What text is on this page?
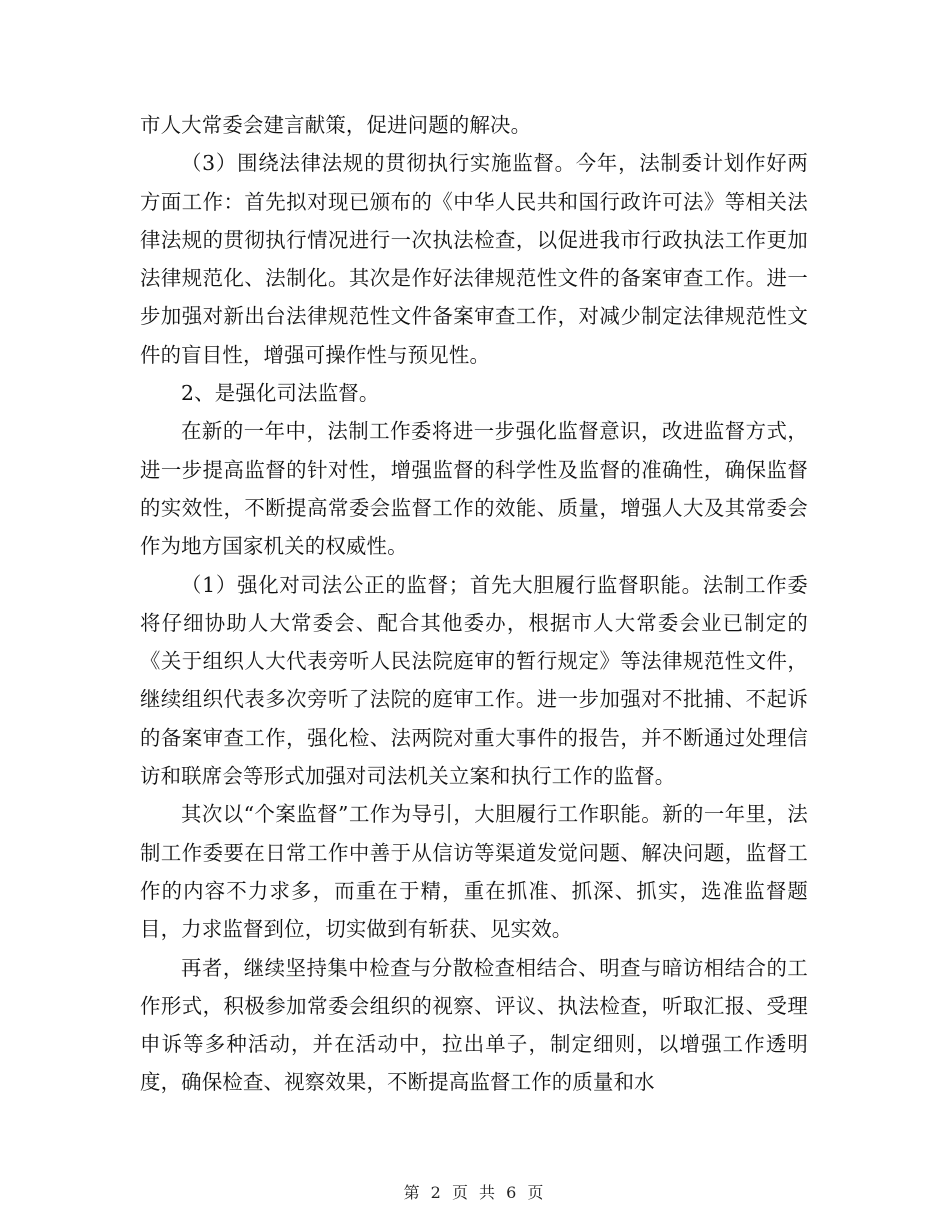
市人大常委会建言献策，促进问题的解决。

（3）围绕法律法规的贯彻执行实施监督。今年，法制委计划作好两方面工作：首先拟对现已颁布的《中华人民共和国行政许可法》等相关法律法规的贯彻执行情况进行一次执法检查，以促进我市行政执法工作更加法律规范化、法制化。其次是作好法律规范性文件的备案审查工作。进一步加强对新出台法律规范性文件备案审查工作，对减少制定法律规范性文件的盲目性，增强可操作性与预见性。

2、是强化司法监督。

在新的一年中，法制工作委将进一步强化监督意识，改进监督方式，进一步提高监督的针对性，增强监督的科学性及监督的准确性，确保监督的实效性，不断提高常委会监督工作的效能、质量，增强人大及其常委会作为地方国家机关的权威性。

（1）强化对司法公正的监督；首先大胆履行监督职能。法制工作委将仔细协助人大常委会、配合其他委办，根据市人大常委会业已制定的《关于组织人大代表旁听人民法院庭审的暂行规定》等法律规范性文件，继续组织代表多次旁听了法院的庭审工作。进一步加强对不批捕、不起诉的备案审查工作，强化检、法两院对重大事件的报告，并不断通过处理信访和联席会等形式加强对司法机关立案和执行工作的监督。

其次以“个案监督”工作为导引，大胆履行工作职能。新的一年里，法制工作委要在日常工作中善于从信访等渠道发觉问题、解决问题，监督工作的内容不力求多，而重在于精，重在抓准、抓深、抓实，选准监督题目，力求监督到位，切实做到有斩获、见实效。

再者，继续坚持集中检查与分散检查相结合、明查与暗访相结合的工作形式，积极参加常委会组织的视察、评议、执法检查，听取汇报、受理申诉等多种活动，并在活动中，拉出单子，制定细则，以增强工作透明度，确保检查、视察效果，不断提高监督工作的质量和水

第 2 页 共 6 页
